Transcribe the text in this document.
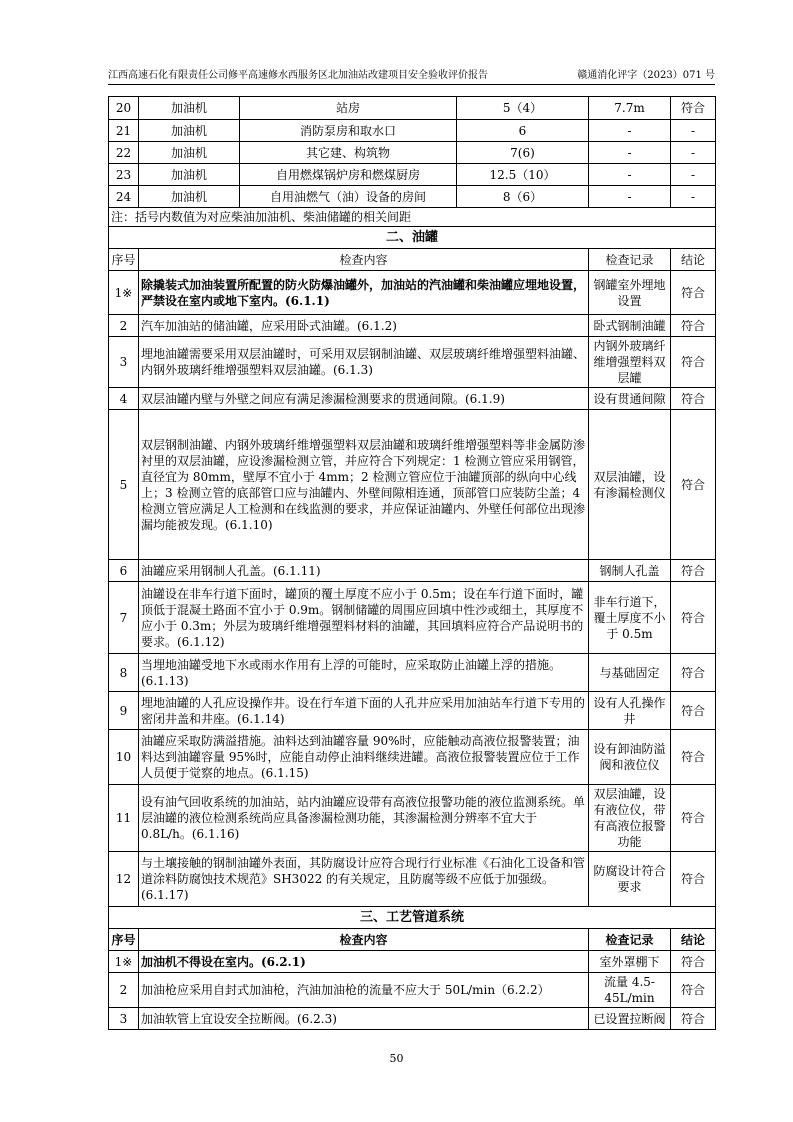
江西高速石化有限责任公司修平高速修水西服务区北加油站改建项目安全验收评价报告	赣通消化评字（2023）071 号
20	加油机	站房	5（4）	7.7m	符合
21	加油机	消防泵房和取水口	6	-	-
22	加油机	其它建、构筑物	7(6)	-	-
23	加油机	自用燃煤锅炉房和燃煤厨房	12.5（10）	-	-
24	加油机	自用油燃气（油）设备的房间	8（6）	-	-
注：括号内数值为对应柴油加油机、柴油储罐的相关间距					
二、油罐					
序号	检查内容			检查记录	结论
1※	除撬装式加油装置所配置的防火防爆油罐外，加油站的汽油罐和柴油罐应埋地设置，严禁设在室内或地下室内。(6.1.1)			钢罐室外埋地设置	符合
2	汽车加油站的储油罐，应采用卧式油罐。(6.1.2)			卧式钢制油罐	符合
3	埋地油罐需要采用双层油罐时，可采用双层钢制油罐、双层玻璃纤维增强塑料油罐、内钢外玻璃纤维增强塑料双层油罐。(6.1.3)			内钢外玻璃纤维增强塑料双层罐	符合
4	双层油罐内壁与外壁之间应有满足渗漏检测要求的贯通间隙。(6.1.9)			设有贯通间隙	符合
5	双层钢制油罐、内钢外玻璃纤维增强塑料双层油罐和玻璃纤维增强塑料等非金属防渗衬里的双层油罐，应设渗漏检测立管，并应符合下列规定：1 检测立管应采用钢管，直径宜为 80mm，壁厚不宜小于 4mm；2 检测立管应位于油罐顶部的纵向中心线上；3 检测立管的底部管口应与油罐内、外壁间隙相连通，顶部管口应装防尘盖；4 检测立管应满足人工检测和在线监测的要求，并应保证油罐内、外壁任何部位出现渗漏均能被发现。(6.1.10)			双层油罐，设有渗漏检测仪	符合
6	油罐应采用钢制人孔盖。(6.1.11)			钢制人孔盖	符合
7	油罐设在非车行道下面时，罐顶的覆土厚度不应小于 0.5m；设在车行道下面时，罐顶低于混凝土路面不宜小于 0.9m。钢制储罐的周围应回填中性沙或细土，其厚度不应小于 0.3m；外层为玻璃纤维增强塑料材料的油罐，其回填料应符合产品说明书的要求。(6.1.12)			非车行道下，覆土厚度不小于 0.5m	符合
8	当埋地油罐受地下水或雨水作用有上浮的可能时，应采取防止油罐上浮的措施。(6.1.13)			与基础固定	符合
9	埋地油罐的人孔应设操作井。设在行车道下面的人孔井应采用加油站车行道下专用的密闭井盖和井座。(6.1.14)			设有人孔操作井	符合
10	油罐应采取防满溢措施。油料达到油罐容量 90%时，应能触动高液位报警装置；油料达到油罐容量 95%时，应能自动停止油料继续进罐。高液位报警装置应位于工作人员便于觉察的地点。(6.1.15)			设有卸油防溢阀和液位仪	符合
11	设有油气回收系统的加油站，站内油罐应设带有高液位报警功能的液位监测系统。单层油罐的液位检测系统尚应具备渗漏检测功能，其渗漏检测分辨率不宜大于 0.8L/h。(6.1.16)			双层油罐，设有液位仪，带有高液位报警功能	符合
12	与土壤接触的钢制油罐外表面，其防腐设计应符合现行行业标准《石油化工设备和管道涂料防腐蚀技术规范》SH3022 的有关规定，且防腐等级不应低于加强级。(6.1.17)			防腐设计符合要求	符合
三、工艺管道系统					
序号	检查内容			检查记录	结论
1※	加油机不得设在室内。(6.2.1)			室外罩棚下	符合
2	加油枪应采用自封式加油枪，汽油加油枪的流量不应大于 50L/min（6.2.2）			流量 4.5-45L/min	符合
3	加油软管上宜设安全拉断阀。(6.2.3)			已设置拉断阀	符合
50
